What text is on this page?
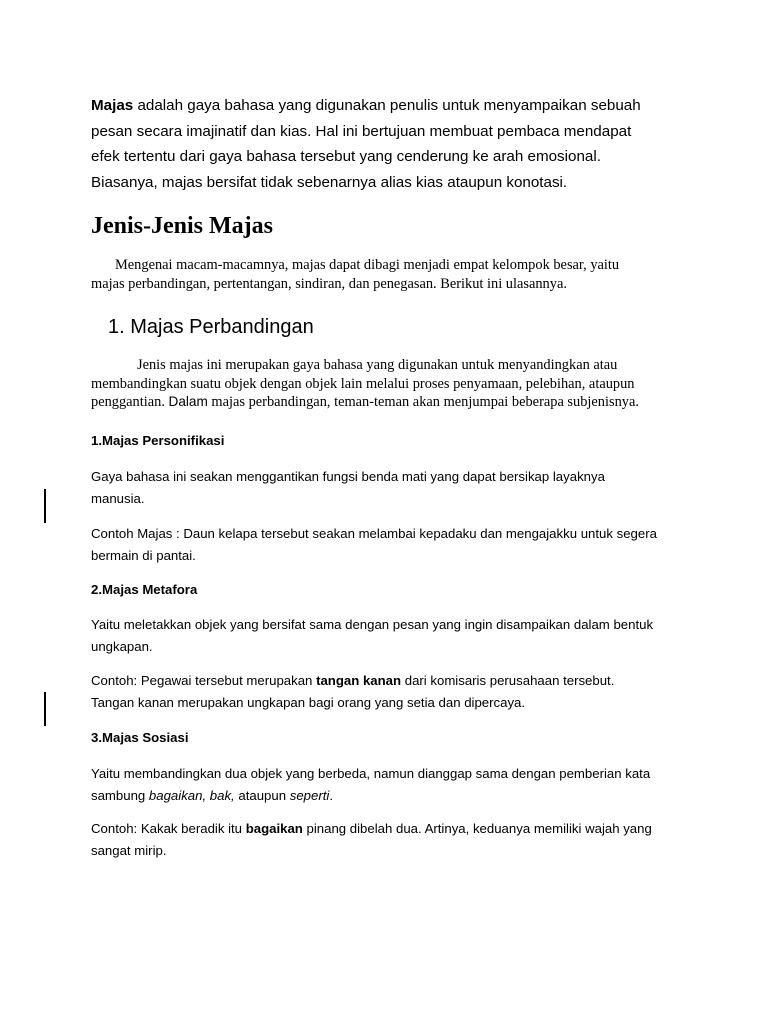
Majas adalah gaya bahasa yang digunakan penulis untuk menyampaikan sebuah
pesan secara imajinatif dan kias. Hal ini bertujuan membuat pembaca mendapat
efek tertentu dari gaya bahasa tersebut yang cenderung ke arah emosional.
Biasanya, majas bersifat tidak sebenarnya alias kias ataupun konotasi.
Jenis-Jenis Majas
Mengenai macam-macamnya, majas dapat dibagi menjadi empat kelompok besar, yaitu
majas perbandingan, pertentangan, sindiran, dan penegasan. Berikut ini ulasannya.
1. Majas Perbandingan
Jenis majas ini merupakan gaya bahasa yang digunakan untuk menyandingkan atau
membandingkan suatu objek dengan objek lain melalui proses penyamaan, pelebihan, ataupun
penggantian. Dalam majas perbandingan, teman-teman akan menjumpai beberapa subjenisnya.
1.Majas Personifikasi
Gaya bahasa ini seakan menggantikan fungsi benda mati yang dapat bersikap layaknya
manusia.
Contoh Majas : Daun kelapa tersebut seakan melambai kepadaku dan mengajakku untuk segera
bermain di pantai.
2.Majas Metafora
Yaitu meletakkan objek yang bersifat sama dengan pesan yang ingin disampaikan dalam bentuk
ungkapan.
Contoh: Pegawai tersebut merupakan tangan kanan dari komisaris perusahaan tersebut.
Tangan kanan merupakan ungkapan bagi orang yang setia dan dipercaya.
3.Majas Sosiasi
Yaitu membandingkan dua objek yang berbeda, namun dianggap sama dengan pemberian kata
sambung bagaikan, bak, ataupun seperti.
Contoh: Kakak beradik itu bagaikan pinang dibelah dua. Artinya, keduanya memiliki wajah yang
sangat mirip.
